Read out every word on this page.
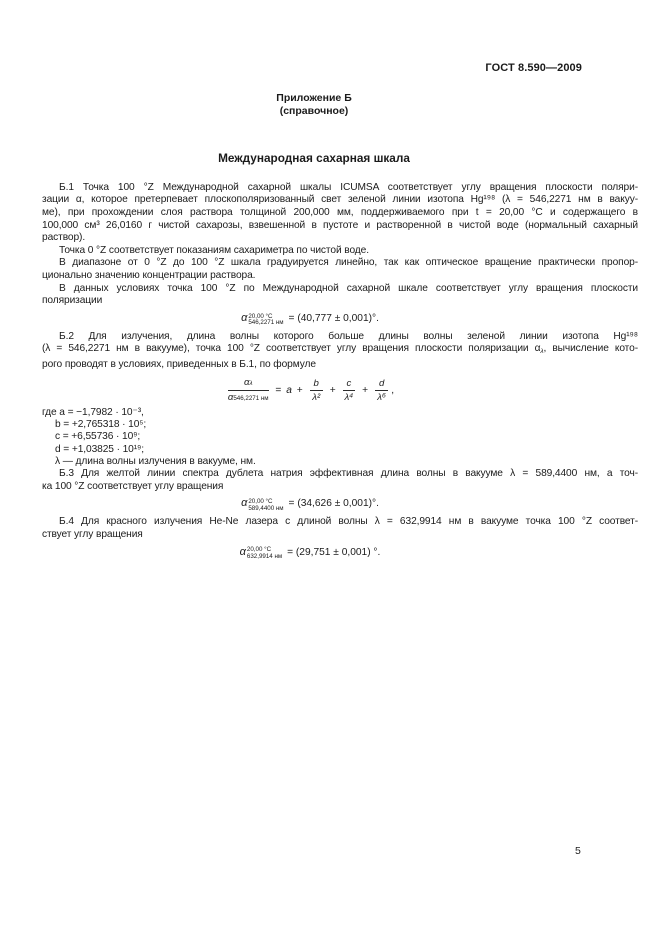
ГОСТ 8.590—2009
Приложение Б
(справочное)
Международная сахарная шкала
Б.1 Точка 100 °Z Международной сахарной шкалы ICUMSA соответствует углу вращения плоскости поляри-
зации α, которое претерпевает плоскополяризованный свет зеленой линии изотопа Hg¹⁹⁸ (λ = 546,2271 нм в вакуу-
ме), при прохождении слоя раствора толщиной 200,000 мм, поддерживаемого при t = 20,00 °C и содержащего в
100,000 см³ 26,0160 г чистой сахарозы, взвешенной в пустоте и растворенной в чистой воде (нормальный сахарный
раствор).
Точка 0 °Z соответствует показаниям сахариметра по чистой воде.
В диапазоне от 0 °Z до 100 °Z шкала градуируется линейно, так как оптическое вращение практически пропор-
ционально значению концентрации раствора.
В данных условиях точка 100 °Z по Международной сахарной шкале соответствует углу вращения плоскости
поляризации
α 20,00 °C
546,2271 нм = (40,777 ± 0,001)°.
Б.2 Для излучения, длина волны которого больше длины волны зеленой линии изотопа Hg¹⁹⁸
(λ = 546,2271 нм в вакууме), точка 100 °Z соответствует углу вращения плоскости поляризации αλ, вычисление кото-
рого проводят в условиях, приведенных в Б.1, по формуле
$\frac{\alpha\lambda}{\alpha 546,2271 нм} = a + \frac{b}{\text{λ²}} + \frac{c}{\text{λ⁴}} + \frac{d}{\text{λ⁶}}$ ,
где a = −1,7982 · 10⁻³,
b = +2,765318 · 10⁵;
c = +6,55736 · 10⁹;
d = +1,03825 · 10¹⁹;
λ — длина волны излучения в вакууме, нм.
Б.3 Для желтой линии спектра дублета натрия эффективная длина волны в вакууме λ = 589,4400 нм, а точ-
ка 100 °Z соответствует углу вращения
α 20,00 °C
589,4400 нм = (34,626 ± 0,001)°.
Б.4 Для красного излучения He-Ne лазера с длиной волны λ = 632,9914 нм в вакууме точка 100 °Z соответ-
ствует углу вращения
α 20,00 °C
632,9914 нм = (29,751 ± 0,001) °.
5
